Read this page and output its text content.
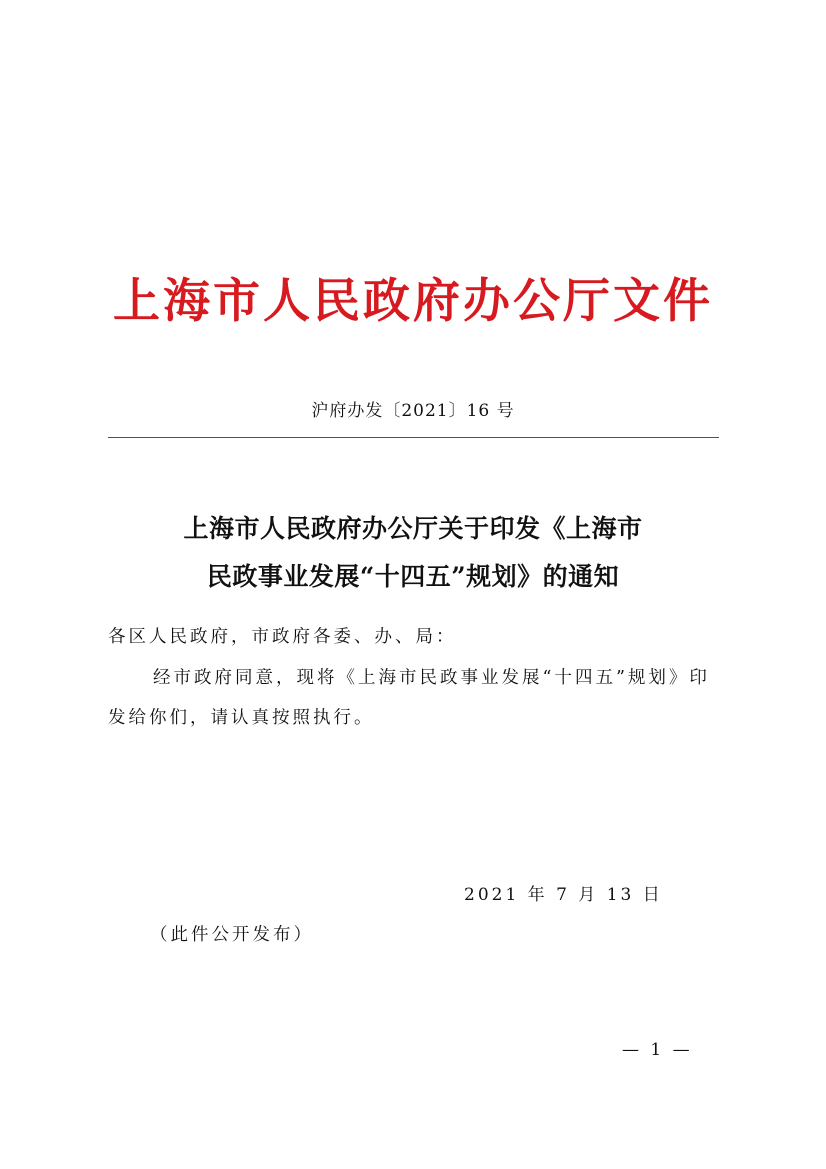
上海市人民政府办公厅文件
沪府办发〔2021〕16 号
上海市人民政府办公厅关于印发《上海市
民政事业发展“十四五”规划》的通知
各区人民政府，市政府各委、办、局：
经市政府同意，现将《上海市民政事业发展“十四五”规划》印
发给你们，请认真按照执行。
2021 年 7 月 13 日
（此件公开发布）
— 1 —
